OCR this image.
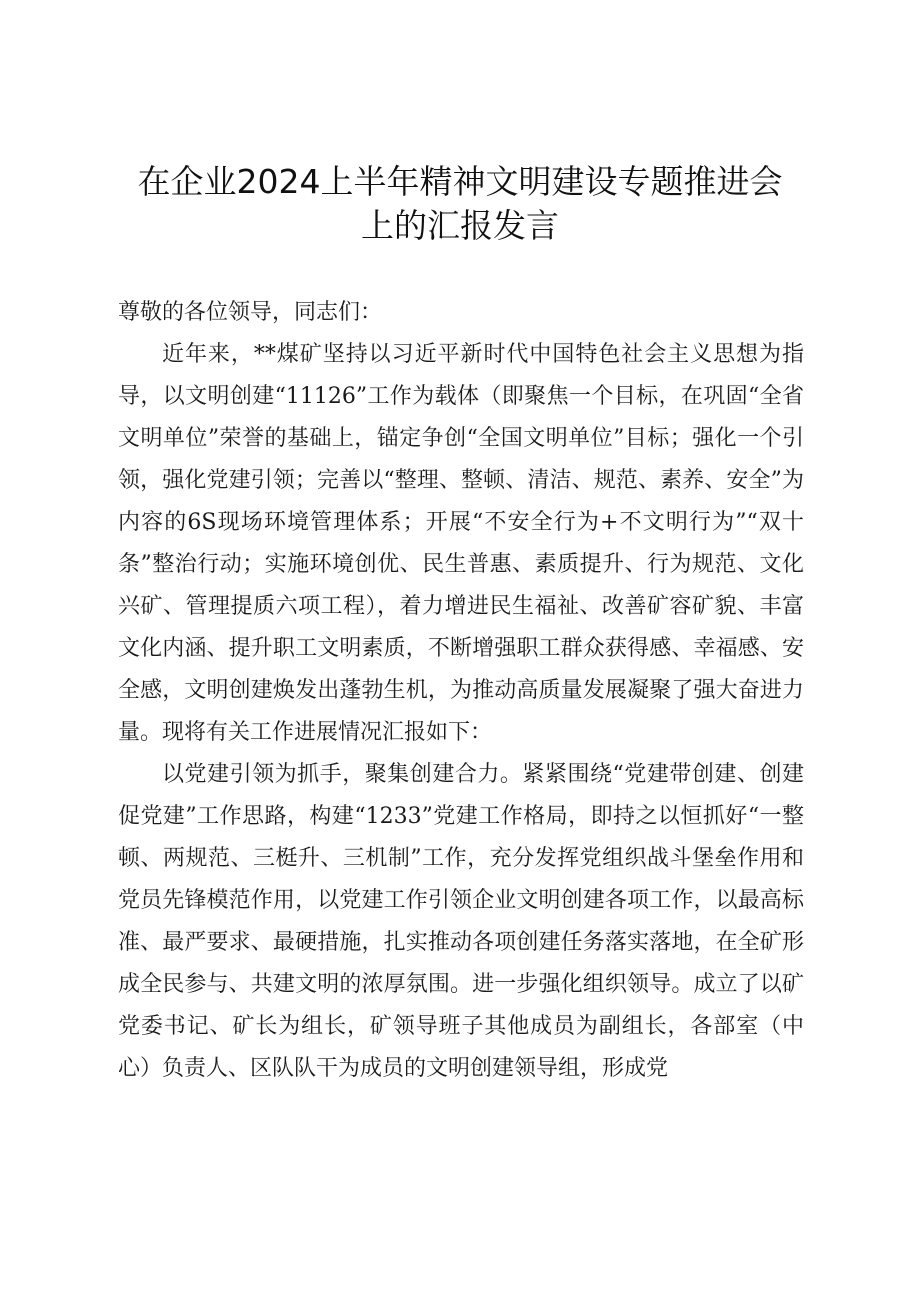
在企业2024上半年精神文明建设专题推进会
上的汇报发言

尊敬的各位领导，同志们：

近年来，**煤矿坚持以习近平新时代中国特色社会主义思想为指导，以文明创建“11126”工作为载体（即聚焦一个目标，在巩固“全省文明单位”荣誉的基础上，锚定争创“全国文明单位”目标；强化一个引领，强化党建引领；完善以“整理、整顿、清洁、规范、素养、安全”为内容的6S现场环境管理体系；开展“不安全行为+不文明行为”“双十条”整治行动；实施环境创优、民生普惠、素质提升、行为规范、文化兴矿、管理提质六项工程），着力增进民生福祉、改善矿容矿貌、丰富文化内涵、提升职工文明素质，不断增强职工群众获得感、幸福感、安全感，文明创建焕发出蓬勃生机，为推动高质量发展凝聚了强大奋进力量。现将有关工作进展情况汇报如下：

以党建引领为抓手，聚集创建合力。紧紧围绕“党建带创建、创建促党建”工作思路，构建“1233”党建工作格局，即持之以恒抓好“一整顿、两规范、三梃升、三机制”工作，充分发挥党组织战斗堡垒作用和党员先锋模范作用，以党建工作引领企业文明创建各项工作，以最高标准、最严要求、最硬措施，扎实推动各项创建任务落实落地，在全矿形成全民参与、共建文明的浓厚氛围。进一步强化组织领导。成立了以矿党委书记、矿长为组长，矿领导班子其他成员为副组长，各部室（中心）负责人、区队队干为成员的文明创建领导组，形成党
